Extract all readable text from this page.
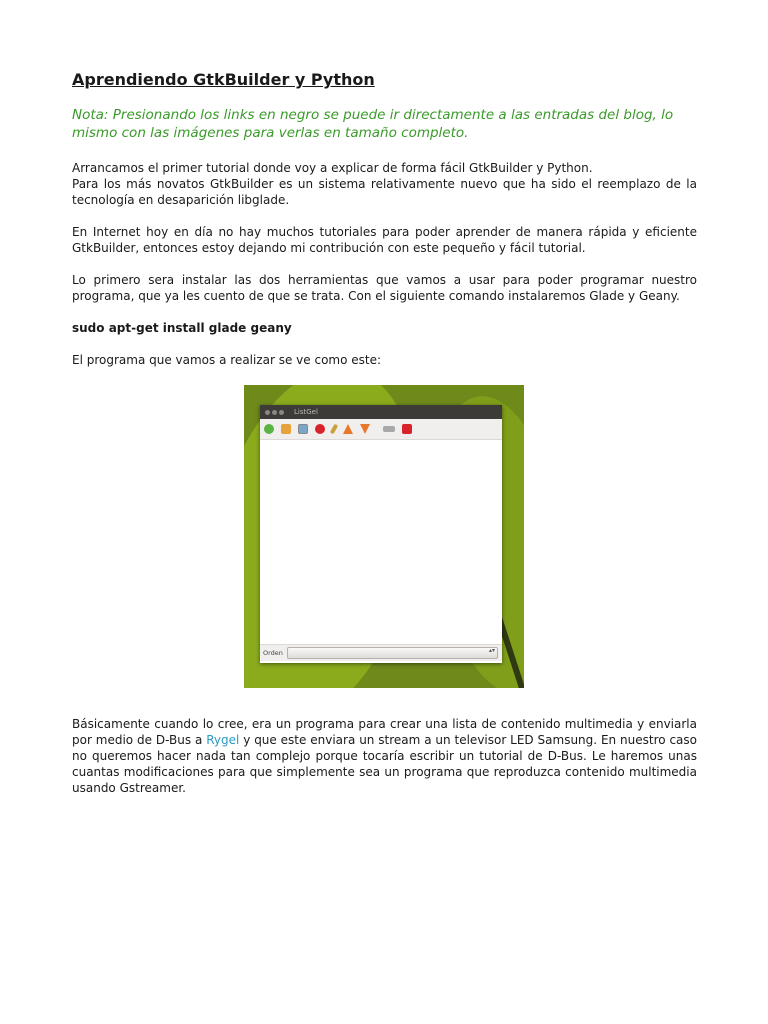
Aprendiendo GtkBuilder y Python
Nota: Presionando los links en negro se puede ir directamente a las entradas del blog, lo mismo con las imágenes para verlas en tamaño completo.

Arrancamos el primer tutorial donde voy a explicar de forma fácil GtkBuilder y Python.

Para los más novatos GtkBuilder es un sistema relativamente nuevo que ha sido el reemplazo de la tecnología en desaparición libglade.

En Internet hoy en día no hay muchos tutoriales para poder aprender de manera rápida y eficiente GtkBuilder, entonces estoy dejando mi contribución con este pequeño y fácil tutorial.

Lo primero sera instalar las dos herramientas que vamos a usar para poder programar nuestro programa, que ya les cuento de que se trata. Con el siguiente comando instalaremos Glade y Geany.

sudo apt-get install glade geany

El programa que vamos a realizar se ve como este:

ListGel
Orden	▴▾

Básicamente cuando lo cree, era un programa para crear una lista de contenido multimedia y enviarla por medio de D-Bus a Rygel y que este enviara un stream a un televisor LED Samsung. En nuestro caso no queremos hacer nada tan complejo porque tocaría escribir un tutorial de D-Bus. Le haremos unas cuantas modificaciones para que simplemente sea un programa que reproduzca contenido multimedia usando Gstreamer.
